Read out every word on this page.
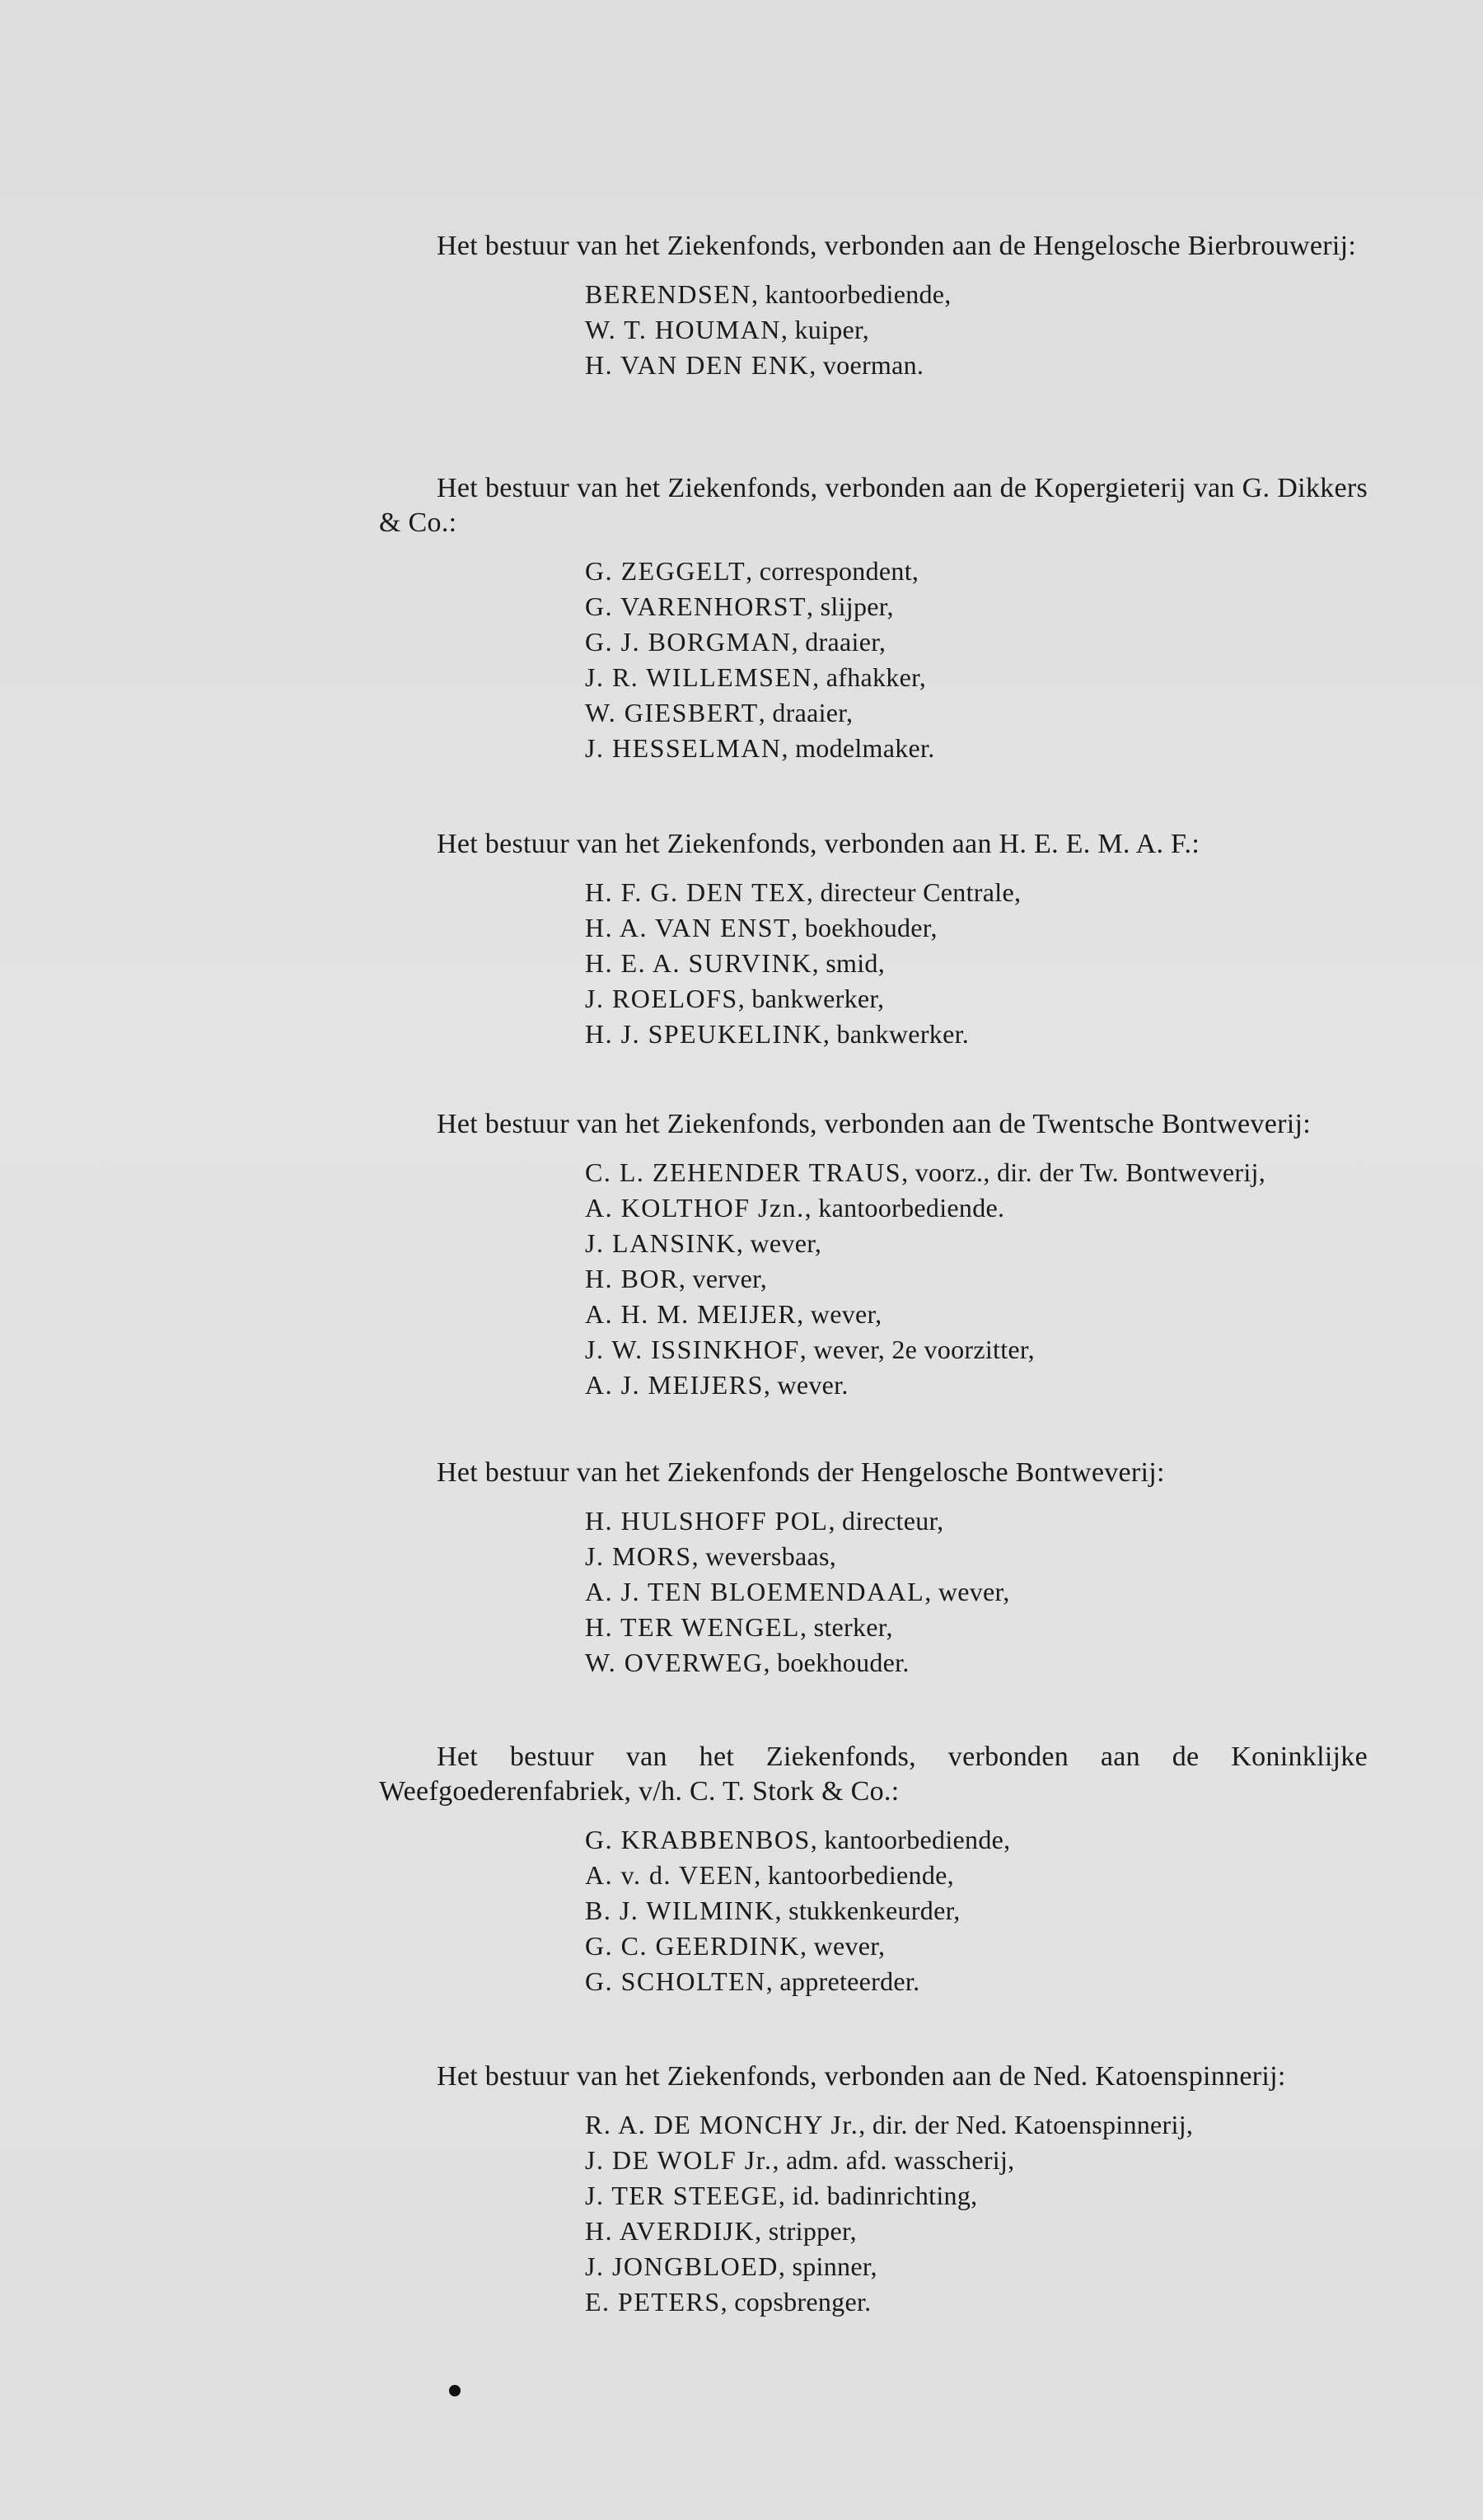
Het bestuur van het Ziekenfonds, verbonden aan de Hengelosche Bierbrouwerij:

BERENDSEN, kantoorbediende,
W. T. HOUMAN, kuiper,
H. VAN DEN ENK, voerman.

Het bestuur van het Ziekenfonds, verbonden aan de Kopergieterij van G. Dikkers & Co.:

G. ZEGGELT, correspondent,
G. VARENHORST, slijper,
G. J. BORGMAN, draaier,
J. R. WILLEMSEN, afhakker,
W. GIESBERT, draaier,
J. HESSELMAN, modelmaker.

Het bestuur van het Ziekenfonds, verbonden aan H. E. E. M. A. F.:

H. F. G. DEN TEX, directeur Centrale,
H. A. VAN ENST, boekhouder,
H. E. A. SURVINK, smid,
J. ROELOFS, bankwerker,
H. J. SPEUKELINK, bankwerker.

Het bestuur van het Ziekenfonds, verbonden aan de Twentsche Bontweverij:

C. L. ZEHENDER TRAUS, voorz., dir. der Tw. Bontweverij,
A. KOLTHOF Jzn., kantoorbediende.
J. LANSINK, wever,
H. BOR, verver,
A. H. M. MEIJER, wever,
J. W. ISSINKHOF, wever, 2e voorzitter,
A. J. MEIJERS, wever.

Het bestuur van het Ziekenfonds der Hengelosche Bontweverij:

H. HULSHOFF POL, directeur,
J. MORS, weversbaas,
A. J. TEN BLOEMENDAAL, wever,
H. TER WENGEL, sterker,
W. OVERWEG, boekhouder.

Het bestuur van het Ziekenfonds, verbonden aan de Koninklijke Weefgoederenfabriek, v/h. C. T. Stork & Co.:

G. KRABBENBOS, kantoorbediende,
A. v. d. VEEN, kantoorbediende,
B. J. WILMINK, stukkenkeurder,
G. C. GEERDINK, wever,
G. SCHOLTEN, appreteerder.

Het bestuur van het Ziekenfonds, verbonden aan de Ned. Katoenspinnerij:

R. A. DE MONCHY Jr., dir. der Ned. Katoenspinnerij,
J. DE WOLF Jr., adm. afd. wasscherij,
J. TER STEEGE, id. badinrichting,
H. AVERDIJK, stripper,
J. JONGBLOED, spinner,
E. PETERS, copsbrenger.
